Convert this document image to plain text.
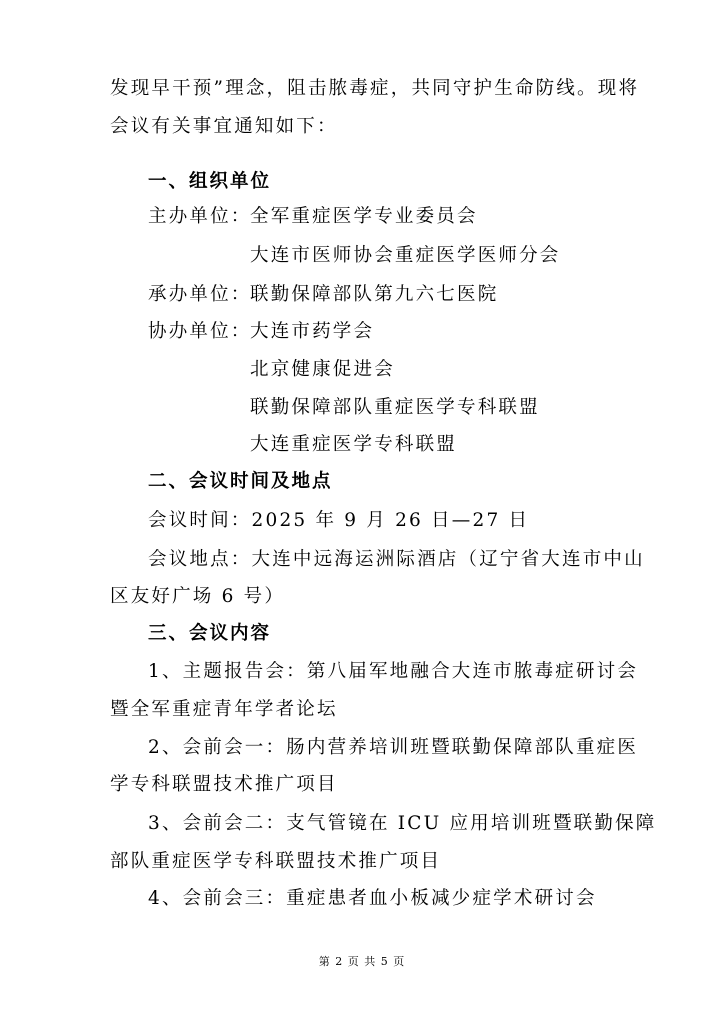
发现早干预”理念，阻击脓毒症，共同守护生命防线。现将
会议有关事宜通知如下：
一、组织单位
主办单位：
全军重症医学专业委员会
大连市医师协会重症医学医师分会
承办单位：
联勤保障部队第九六七医院
协办单位：
大连市药学会
北京健康促进会
联勤保障部队重症医学专科联盟
大连重症医学专科联盟
二、会议时间及地点
会议时间：2025 年 9 月 26 日—27 日
会议地点：大连中远海运洲际酒店（辽宁省大连市中山
区友好广场 6 号）
三、会议内容
1、主题报告会：第八届军地融合大连市脓毒症研讨会
暨全军重症青年学者论坛
2、会前会一：肠内营养培训班暨联勤保障部队重症医
学专科联盟技术推广项目
3、会前会二：支气管镜在 ICU 应用培训班暨联勤保障
部队重症医学专科联盟技术推广项目
4、会前会三：重症患者血小板减少症学术研讨会
第 2 页 共 5 页
